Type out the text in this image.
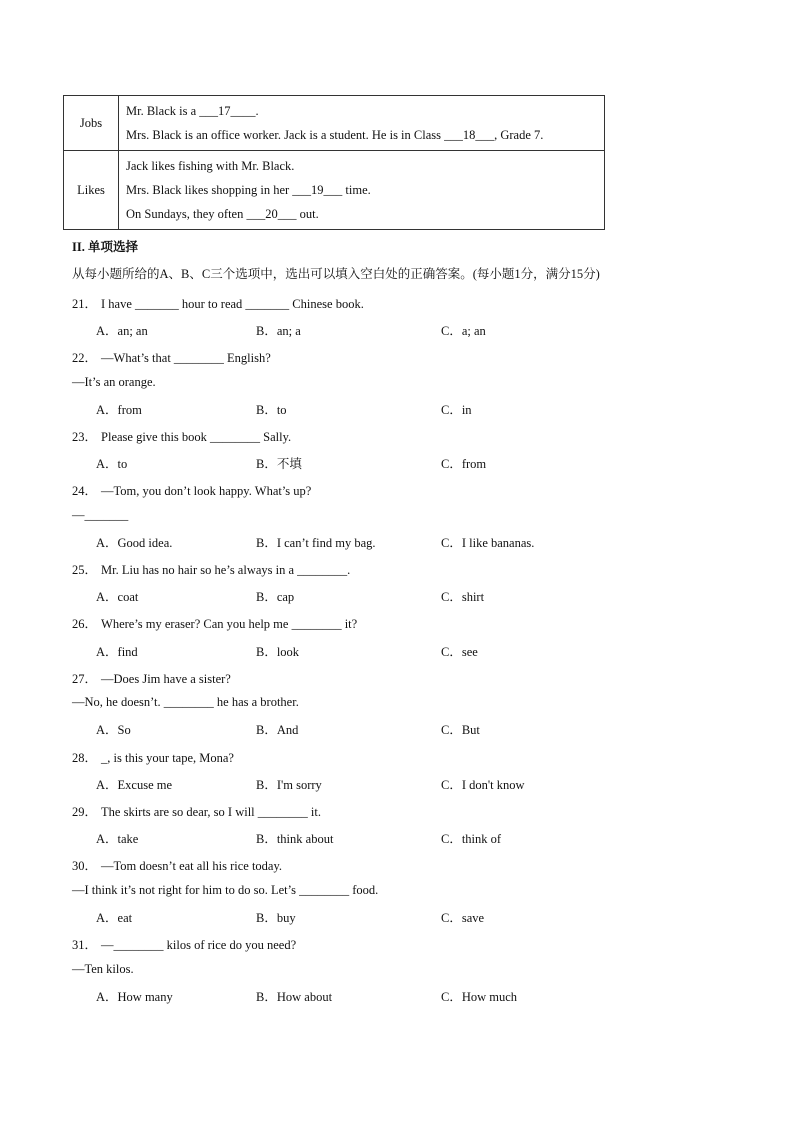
Jobs	Mr. Black is a ___17____.
Mrs. Black is an office worker. Jack is a student. He is in Class ___18___, Grade 7.

Likes	Jack likes fishing with Mr. Black.
Mrs. Black likes shopping in her ___19___ time.
On Sundays, they often ___20___ out.
II. 单项选择
从每小题所给的A、B、C三个选项中，选出可以填入空白处的正确答案。(每小题1分，满分15分)
21． I have _______ hour to read _______ Chinese book.
A．an; an	B．an; a	C．a; an
22． —What’s that ________ English?
—It’s an orange.
A．from	B．to	C．in
23． Please give this book ________ Sally.
A．to	B．不填	C．from
24． —Tom, you don’t look happy. What’s up?
—_______
A．Good idea.	B．I can’t find my bag.	C．I like bananas.
25． Mr. Liu has no hair so he’s always in a ________.
A．coat	B．cap	C．shirt
26． Where’s my eraser? Can you help me ________ it?
A．find	B．look	C．see
27． —Does Jim have a sister?
—No, he doesn’t. ________ he has a brother.
A．So	B．And	C．But
28． _, is this your tape, Mona?
A．Excuse me	B．I'm sorry	C．I don't know
29． The skirts are so dear, so I will ________ it.
A．take	B．think about	C．think of
30． —Tom doesn’t eat all his rice today.
—I think it’s not right for him to do so. Let’s ________ food.
A．eat	B．buy	C．save
31． —________ kilos of rice do you need?
—Ten kilos.
A．How many	B．How about	C．How much
